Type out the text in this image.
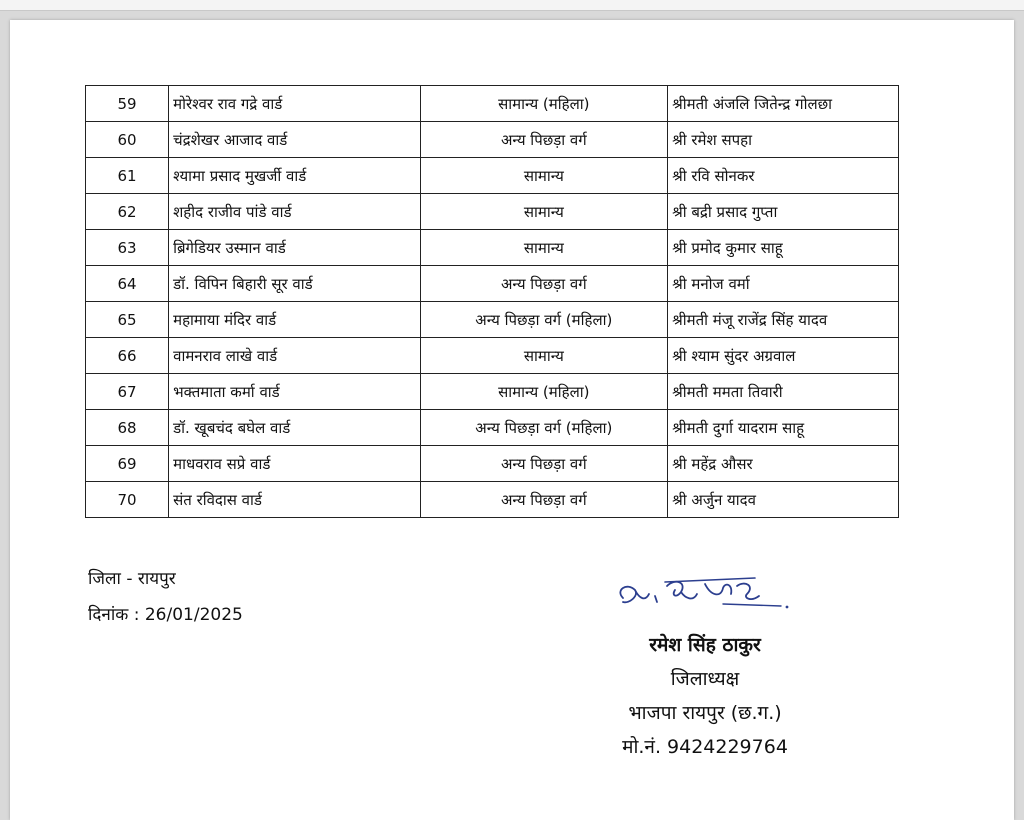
59	मोरेश्वर राव गद्रे वार्ड	सामान्य (महिला)	श्रीमती अंजलि जितेन्द्र गोलछा
60	चंद्रशेखर आजाद वार्ड	अन्य पिछड़ा वर्ग	श्री रमेश सपहा
61	श्यामा प्रसाद मुखर्जी वार्ड	सामान्य	श्री रवि सोनकर
62	शहीद राजीव पांडे वार्ड	सामान्य	श्री बद्री प्रसाद गुप्ता
63	ब्रिगेडियर उस्मान वार्ड	सामान्य	श्री प्रमोद कुमार साहू
64	डॉ. विपिन बिहारी सूर वार्ड	अन्य पिछड़ा वर्ग	श्री मनोज वर्मा
65	महामाया मंदिर वार्ड	अन्य पिछड़ा वर्ग (महिला)	श्रीमती मंजू राजेंद्र सिंह यादव
66	वामनराव लाखे वार्ड	सामान्य	श्री श्याम सुंदर अग्रवाल
67	भक्तमाता कर्मा वार्ड	सामान्य (महिला)	श्रीमती ममता तिवारी
68	डॉ. खूबचंद बघेल वार्ड	अन्य पिछड़ा वर्ग (महिला)	श्रीमती दुर्गा यादराम साहू
69	माधवराव सप्रे वार्ड	अन्य पिछड़ा वर्ग	श्री महेंद्र औसर
70	संत रविदास वार्ड	अन्य पिछड़ा वर्ग	श्री अर्जुन यादव
जिला - रायपुर
दिनांक : 26/01/2025
रमेश सिंह ठाकुर
जिलाध्यक्ष
भाजपा रायपुर (छ.ग.)
मो.नं. 9424229764
